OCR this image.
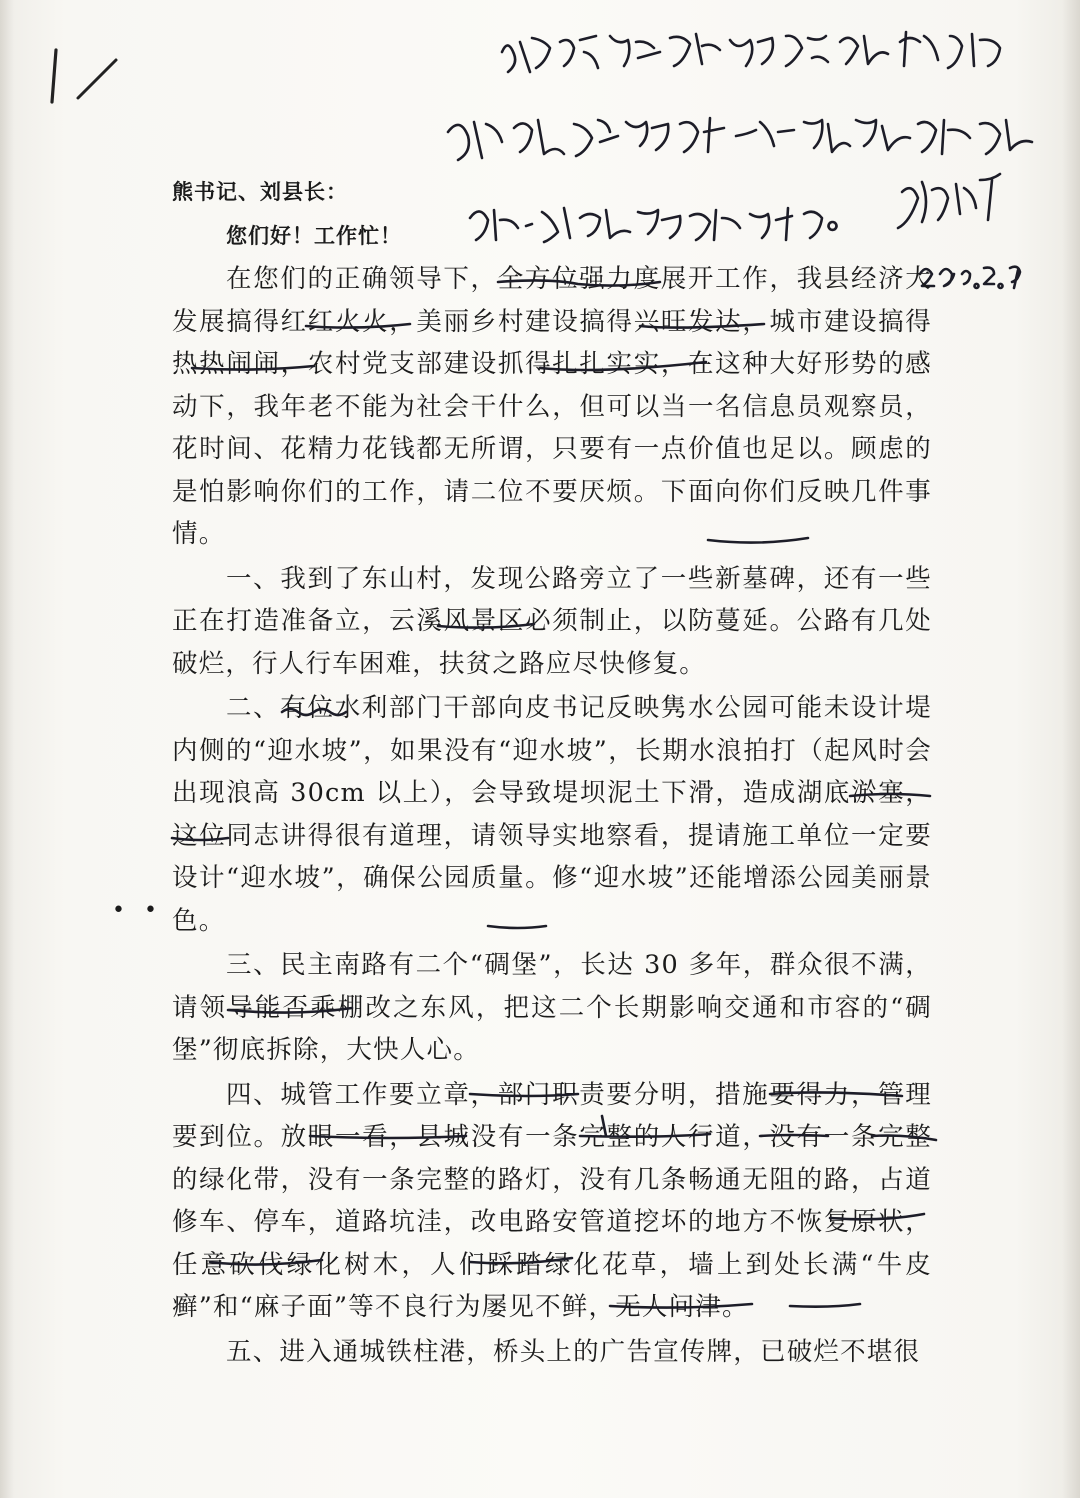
熊书记、刘县长：
您们好！工作忙！

在您们的正确领导下，全方位强力度展开工作，我县经济大发展搞得红红火火，美丽乡村建设搞得兴旺发达，城市建设搞得热热闹闹，农村党支部建设抓得扎扎实实，在这种大好形势的感动下，我年老不能为社会干什么，但可以当一名信息员观察员，花时间、花精力花钱都无所谓，只要有一点价值也足以。顾虑的是怕影响你们的工作，请二位不要厌烦。下面向你们反映几件事情。

一、我到了东山村，发现公路旁立了一些新墓碑，还有一些正在打造准备立，云溪风景区必须制止，以防蔓延。公路有几处破烂，行人行车困难，扶贫之路应尽快修复。

二、有位水利部门干部向皮书记反映隽水公园可能未设计堤内侧的“迎水坡”，如果没有“迎水坡”，长期水浪拍打（起风时会出现浪高 30cm 以上），会导致堤坝泥土下滑，造成湖底淤塞，这位同志讲得很有道理，请领导实地察看，提请施工单位一定要设计“迎水坡”，确保公园质量。修“迎水坡”还能增添公园美丽景色。

三、民主南路有二个“碉堡”，长达 30 多年，群众很不满，请领导能否乘棚改之东风，把这二个长期影响交通和市容的“碉堡”彻底拆除，大快人心。

四、城管工作要立章，部门职责要分明，措施要得力，管理要到位。放眼一看，县城没有一条完整的人行道，没有一条完整的绿化带，没有一条完整的路灯，没有几条畅通无阻的路，占道修车、停车，道路坑洼，改电路安管道挖坏的地方不恢复原状，任意砍伐绿化树木，人们踩踏绿化花草，墙上到处长满“牛皮癣”和“麻子面”等不良行为屡见不鲜，无人问津。

五、进入通城铁柱港，桥头上的广告宣传牌，已破烂不堪很

• •
